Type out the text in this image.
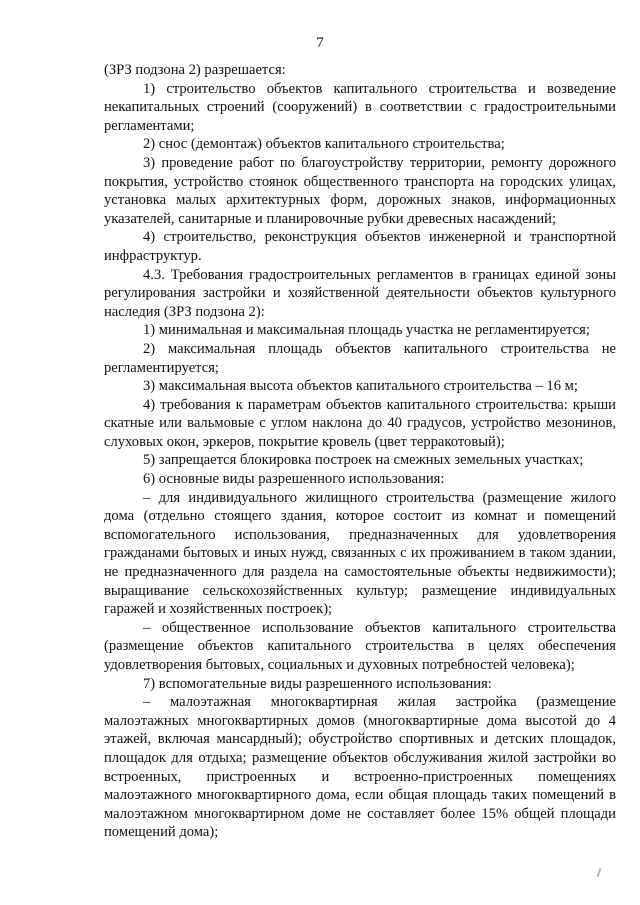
7

(ЗРЗ подзона 2) разрешается:

1) строительство объектов капитального строительства и возведение некапитальных строений (сооружений) в соответствии с градостроительными регламентами;

2) снос (демонтаж) объектов капитального строительства;

3) проведение работ по благоустройству территории, ремонту дорожного покрытия, устройство стоянок общественного транспорта на городских улицах, установка малых архитектурных форм, дорожных знаков, информационных указателей, санитарные и планировочные рубки древесных насаждений;

4) строительство, реконструкция объектов инженерной и транспортной инфраструктур.

4.3. Требования градостроительных регламентов в границах единой зоны регулирования застройки и хозяйственной деятельности объектов культурного наследия (ЗРЗ подзона 2):

1) минимальная и максимальная площадь участка не регламентируется;

2) максимальная площадь объектов капитального строительства не регламентируется;

3) максимальная высота объектов капитального строительства – 16 м;

4) требования к параметрам объектов капитального строительства: крыши скатные или вальмовые с углом наклона до 40 градусов, устройство мезонинов, слуховых окон, эркеров, покрытие кровель (цвет терракотовый);

5) запрещается блокировка построек на смежных земельных участках;

6) основные виды разрешенного использования:

– для индивидуального жилищного строительства (размещение жилого дома (отдельно стоящего здания, которое состоит из комнат и помещений вспомогательного использования, предназначенных для удовлетворения гражданами бытовых и иных нужд, связанных с их проживанием в таком здании, не предназначенного для раздела на самостоятельные объекты недвижимости); выращивание сельскохозяйственных культур; размещение индивидуальных гаражей и хозяйственных построек);

– общественное использование объектов капитального строительства (размещение объектов капитального строительства в целях обеспечения удовлетворения бытовых, социальных и духовных потребностей человека);

7) вспомогательные виды разрешенного использования:

– малоэтажная многоквартирная жилая застройка (размещение малоэтажных многоквартирных домов (многоквартирные дома высотой до 4 этажей, включая мансардный); обустройство спортивных и детских площадок, площадок для отдыха; размещение объектов обслуживания жилой застройки во встроенных, пристроенных и встроенно-пристроенных помещениях малоэтажного многоквартирного дома, если общая площадь таких помещений в малоэтажном многоквартирном доме не составляет более 15% общей площади помещений дома);
